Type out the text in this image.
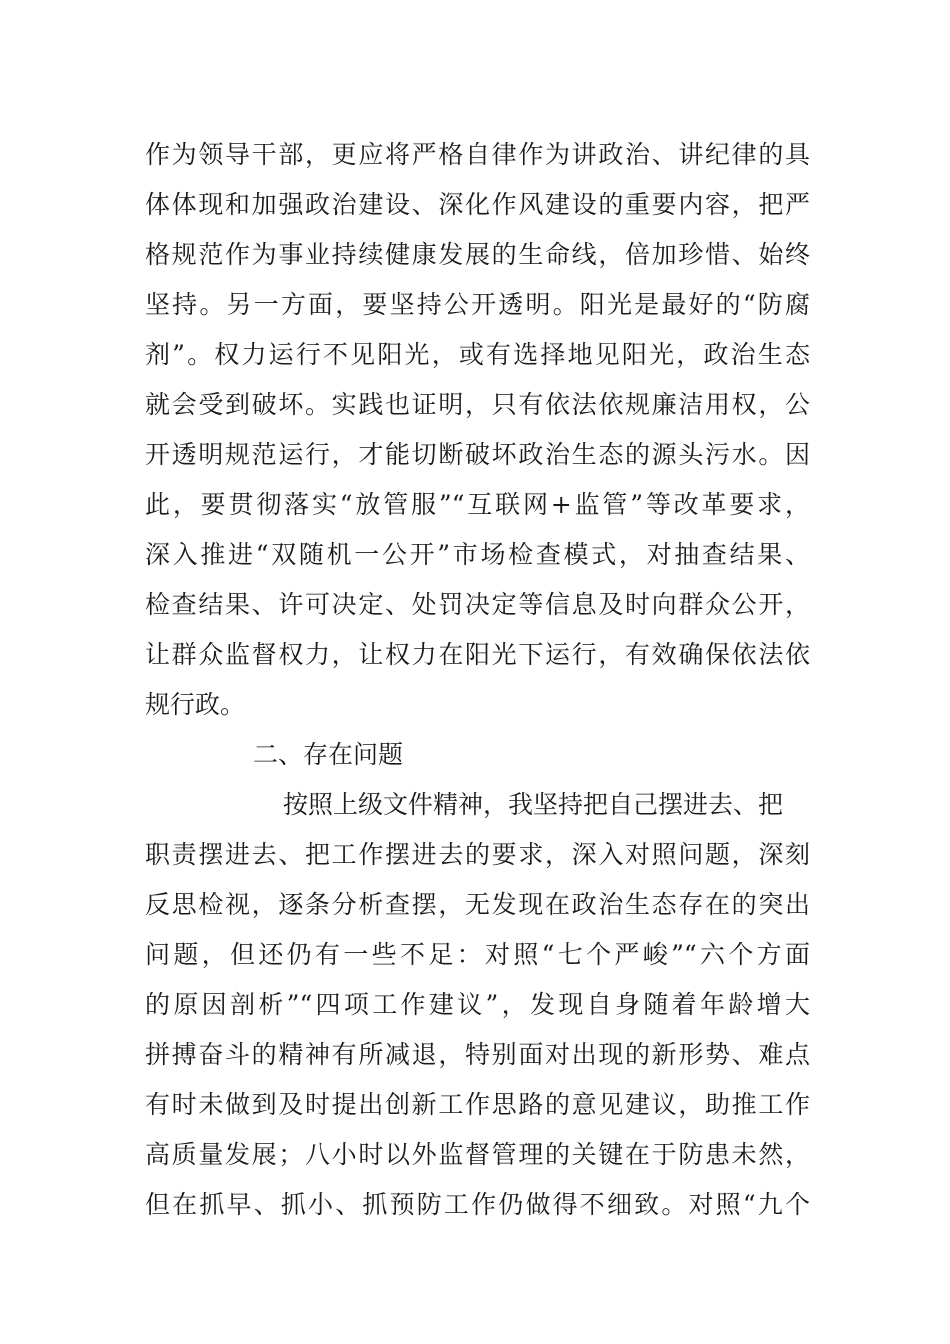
作为领导干部，更应将严格自律作为讲政治、讲纪律的具
体体现和加强政治建设、深化作风建设的重要内容，把严
格规范作为事业持续健康发展的生命线，倍加珍惜、始终
坚持。另一方面，要坚持公开透明。阳光是最好的“防腐
剂”。权力运行不见阳光，或有选择地见阳光，政治生态
就会受到破坏。实践也证明，只有依法依规廉洁用权，公
开透明规范运行，才能切断破坏政治生态的源头污水。因
此，要贯彻落实“放管服”“互联网+监管”等改革要求，
深入推进“双随机一公开”市场检查模式，对抽查结果、
检查结果、许可决定、处罚决定等信息及时向群众公开，
让群众监督权力，让权力在阳光下运行，有效确保依法依
规行政。
二、存在问题
按照上级文件精神，我坚持把自己摆进去、把
职责摆进去、把工作摆进去的要求，深入对照问题，深刻
反思检视，逐条分析查摆，无发现在政治生态存在的突出
问题，但还仍有一些不足：对照“七个严峻”“六个方面
的原因剖析”“四项工作建议”，发现自身随着年龄增大
拼搏奋斗的精神有所减退，特别面对出现的新形势、难点
有时未做到及时提出创新工作思路的意见建议，助推工作
高质量发展；八小时以外监督管理的关键在于防患未然，
但在抓早、抓小、抓预防工作仍做得不细致。对照“九个
